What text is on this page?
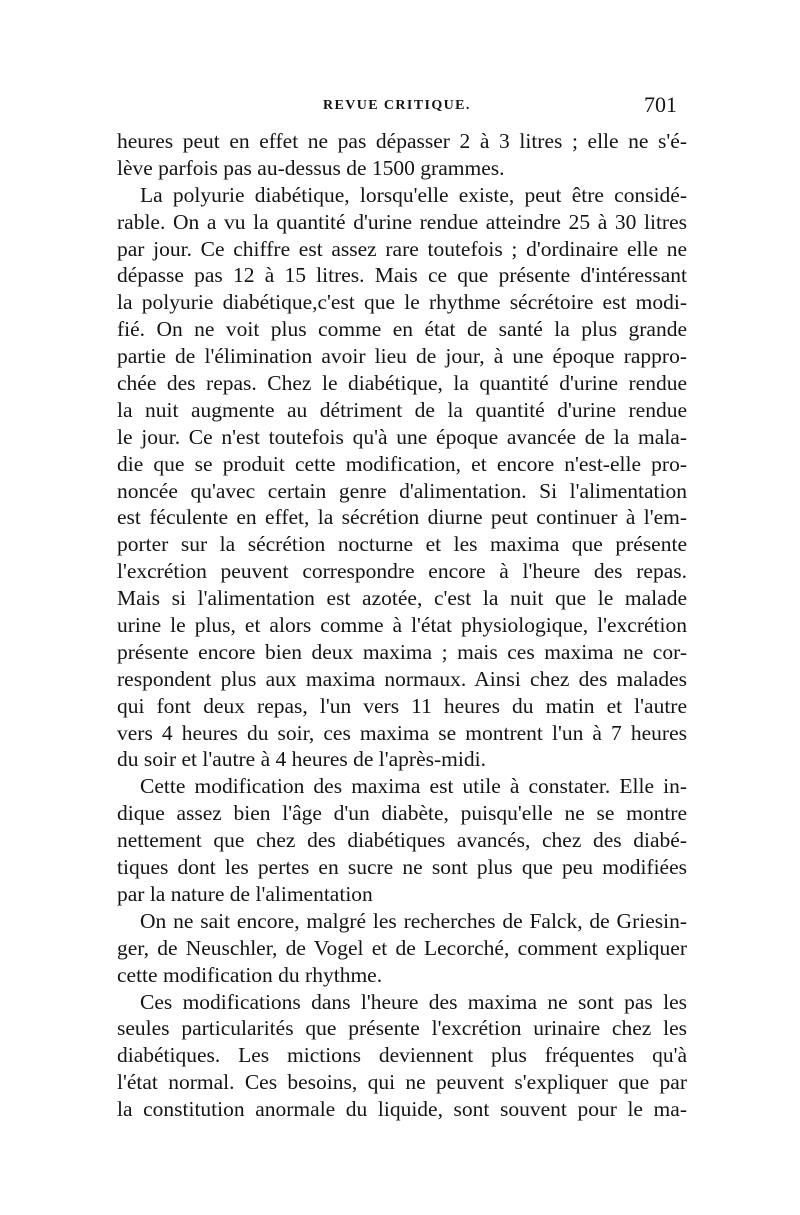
REVUE CRITIQUE.	701
heures peut en effet ne pas dépasser 2 à 3 litres ; elle ne s'é-
lève parfois pas au-dessus de 1500 grammes.
La polyurie diabétique, lorsqu'elle existe, peut être considé-
rable. On a vu la quantité d'urine rendue atteindre 25 à 30 litres
par jour. Ce chiffre est assez rare toutefois ; d'ordinaire elle ne
dépasse pas 12 à 15 litres. Mais ce que présente d'intéressant
la polyurie diabétique,c'est que le rhythme sécrétoire est modi-
fié. On ne voit plus comme en état de santé la plus grande
partie de l'élimination avoir lieu de jour, à une époque rappro-
chée des repas. Chez le diabétique, la quantité d'urine rendue
la nuit augmente au détriment de la quantité d'urine rendue
le jour. Ce n'est toutefois qu'à une époque avancée de la mala-
die que se produit cette modification, et encore n'est-elle pro-
noncée qu'avec certain genre d'alimentation. Si l'alimentation
est féculente en effet, la sécrétion diurne peut continuer à l'em-
porter sur la sécrétion nocturne et les maxima que présente
l'excrétion peuvent correspondre encore à l'heure des repas.
Mais si l'alimentation est azotée, c'est la nuit que le malade
urine le plus, et alors comme à l'état physiologique, l'excrétion
présente encore bien deux maxima ; mais ces maxima ne cor-
respondent plus aux maxima normaux. Ainsi chez des malades
qui font deux repas, l'un vers 11 heures du matin et l'autre
vers 4 heures du soir, ces maxima se montrent l'un à 7 heures
du soir et l'autre à 4 heures de l'après-midi.
Cette modification des maxima est utile à constater. Elle in-
dique assez bien l'âge d'un diabète, puisqu'elle ne se montre
nettement que chez des diabétiques avancés, chez des diabé-
tiques dont les pertes en sucre ne sont plus que peu modifiées
par la nature de l'alimentation
On ne sait encore, malgré les recherches de Falck, de Griesin-
ger, de Neuschler, de Vogel et de Lecorché, comment expliquer
cette modification du rhythme.
Ces modifications dans l'heure des maxima ne sont pas les
seules particularités que présente l'excrétion urinaire chez les
diabétiques. Les mictions deviennent plus fréquentes qu'à
l'état normal. Ces besoins, qui ne peuvent s'expliquer que par
la constitution anormale du liquide, sont souvent pour le ma-
